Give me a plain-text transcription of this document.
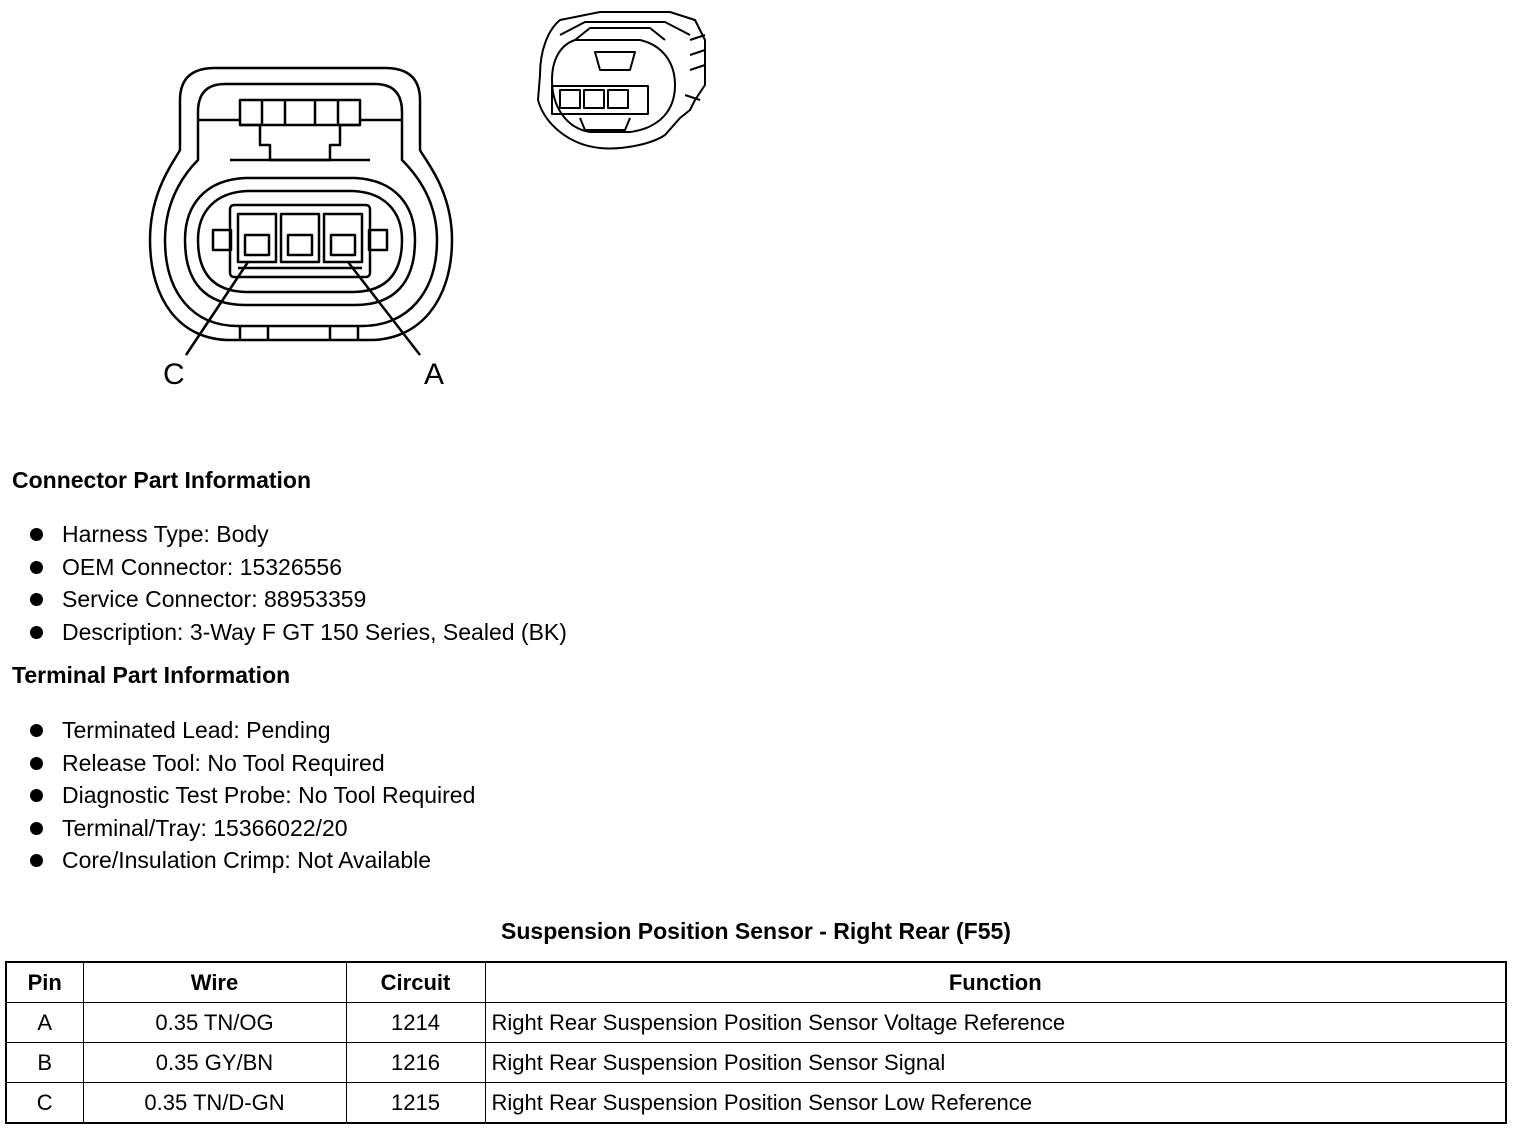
C	A
Connector Part Information
Harness Type: Body
OEM Connector: 15326556
Service Connector: 88953359
Description: 3-Way F GT 150 Series, Sealed (BK)
Terminal Part Information
Terminated Lead: Pending
Release Tool: No Tool Required
Diagnostic Test Probe: No Tool Required
Terminal/Tray: 15366022/20
Core/Insulation Crimp: Not Available
Suspension Position Sensor - Right Rear (F55)
Pin	Wire	Circuit	Function
A	0.35 TN/OG	1214	Right Rear Suspension Position Sensor Voltage Reference
B	0.35 GY/BN	1216	Right Rear Suspension Position Sensor Signal
C	0.35 TN/D-GN	1215	Right Rear Suspension Position Sensor Low Reference
